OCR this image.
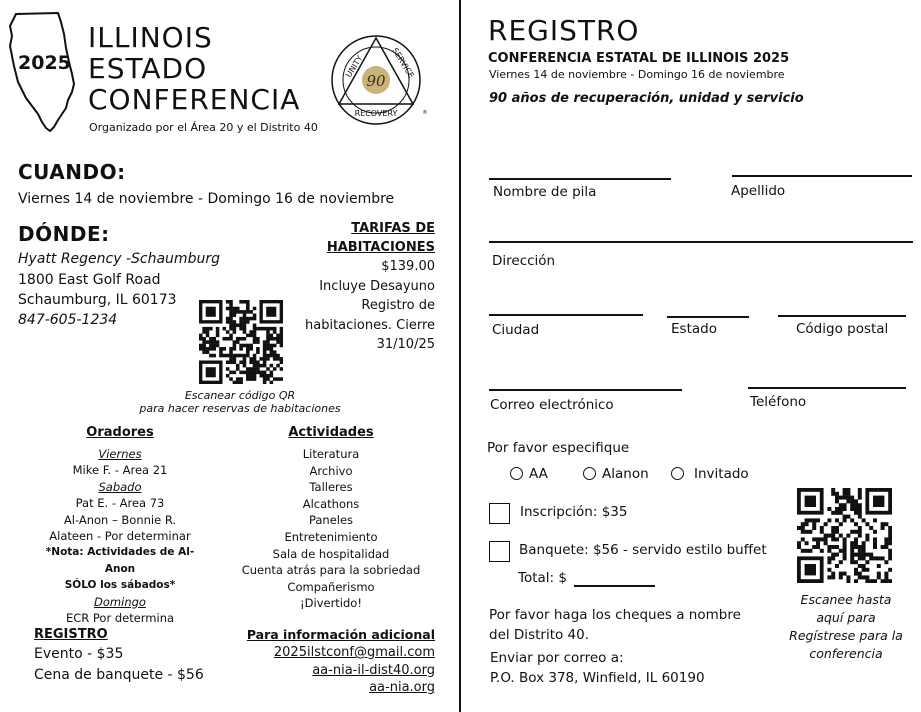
2025
ILLINOIS
ESTADO
CONFERENCIA
Organizado por el Área 20 y el Distrito 40
90
UNITY	SERVICE
RECOVERY	®
CUANDO:
Viernes 14 de noviembre - Domingo 16 de noviembre
DÓNDE:
Hyatt Regency -Schaumburg
1800 East Golf Road
Schaumburg, IL 60173
847-605-1234
TARIFAS DE
HABITACIONES
$139.00
Incluye Desayuno
Registro de
habitaciones. Cierre
31/10/25
Escanear código QR
para hacer reservas de habitaciones
Oradores
Viernes
Mike F. - Area 21
Sabado
Pat E. - Area 73
Al-Anon – Bonnie R.
Alateen - Por determinar
*Nota: Actividades de Al-Anon
SÓLO los sábados*
Domingo
ECR Por determina
Actividades
Literatura
Archivo
Talleres
Alcathons
Paneles
Entretenimiento
Sala de hospitalidad
Cuenta atrás para la sobriedad
Compañerismo
¡Divertido!
REGISTRO
Evento - $35
Cena de banquete - $56
Para información adicional
2025ilstconf@gmail.com
aa-nia-il-dist40.org
aa-nia.org
REGISTRO
CONFERENCIA ESTATAL DE ILLINOIS 2025
Viernes 14 de noviembre - Domingo 16 de noviembre
90 años de recuperación, unidad y servicio
Nombre de pila	Apellido
Dirección
Ciudad	Estado	Código postal
Correo electrónico	Teléfono
Por favor especifique
AA	Alanon	Invitado
Inscripción: $35
Banquete: $56 - servido estilo buffet
Total: $
Por favor haga los cheques a nombre
del Distrito 40.
Enviar por correo a:
P.O. Box 378, Winfield, IL 60190
Escanee hasta
aquí para
Regístrese para la
conferencia
